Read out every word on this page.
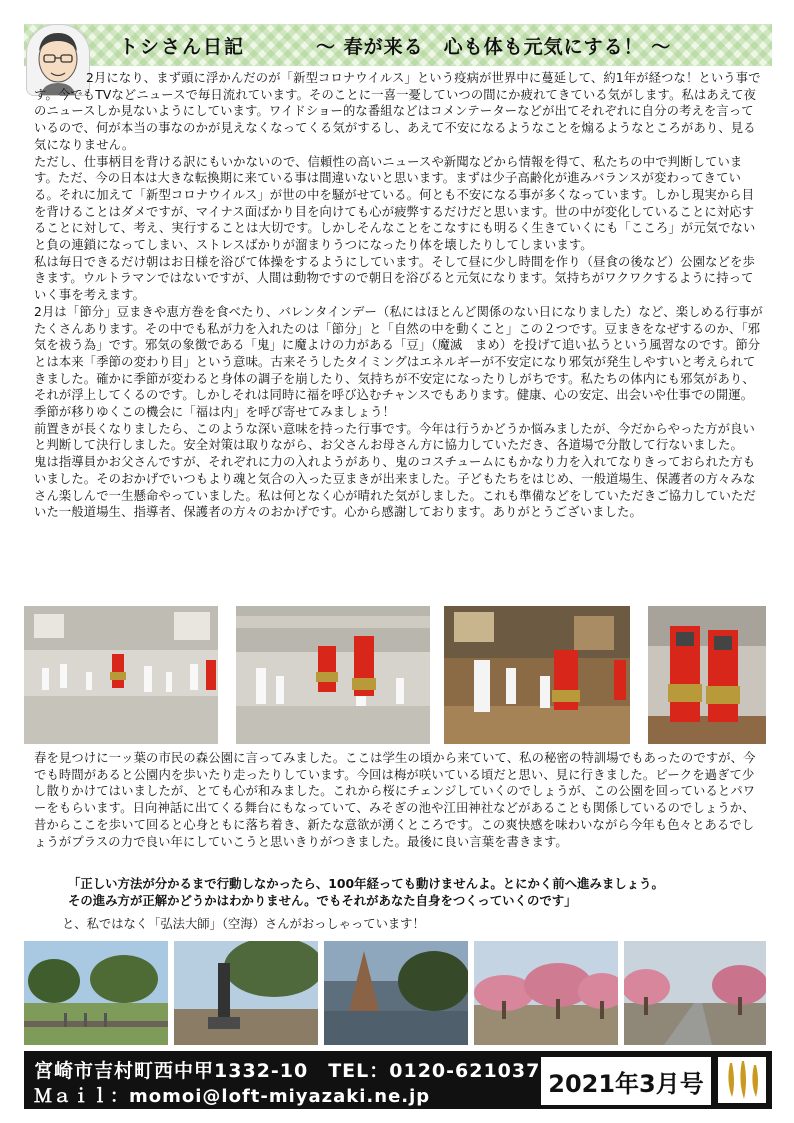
トシさん日記	～ 春が来る　心も体も元気にする！ ～

2月になり、まず頭に浮かんだのが「新型コロナウイルス」という疫病が世界中に蔓延して、約1年が経つな！という事です。今でもTVなどニュースで毎日流れています。そのことに一喜一憂していつの間にか疲れてきている気がします。私はあえて夜のニュースしか見ないようにしています。ワイドショー的な番組などはコメンテーターなどが出てそれぞれに自分の考えを言っているので、何が本当の事なのかが見えなくなってくる気がするし、あえて不安になるようなことを煽るようなところがあり、見る気になりません。

ただし、仕事柄目を背ける訳にもいかないので、信頼性の高いニュースや新聞などから情報を得て、私たちの中で判断しています。ただ、今の日本は大きな転換期に来ている事は間違いないと思います。まずは少子高齢化が進みバランスが変わってきている。それに加えて「新型コロナウイルス」が世の中を騒がせている。何とも不安になる事が多くなっています。しかし現実から目を背けることはダメですが、マイナス面ばかり目を向けても心が疲弊するだけだと思います。世の中が変化していることに対応することに対して、考え、実行することは大切です。しかしそんなことをこなすにも明るく生きていくにも「こころ」が元気でないと負の連鎖になってしまい、ストレスばかりが溜まりうつになったり体を壊したりしてしまいます。

私は毎日できるだけ朝はお日様を浴びて体操をするようにしています。そして昼に少し時間を作り（昼食の後など）公園などを歩きます。ウルトラマンではないですが、人間は動物ですので朝日を浴びると元気になります。気持ちがワクワクするように持っていく事を考えます。

2月は「節分」豆まきや恵方巻を食べたり、バレンタインデー（私にはほとんど関係のない日になりました）など、楽しめる行事がたくさんあります。その中でも私が力を入れたのは「節分」と「自然の中を動くこと」この２つです。豆まきをなぜするのか、「邪気を祓う為」です。邪気の象徴である「鬼」に魔よけの力がある「豆」（魔滅　まめ）を投げて追い払うという風習なのです。節分とは本来「季節の変わり目」という意味。古来そうしたタイミングはエネルギーが不安定になり邪気が発生しやすいと考えられてきました。確かに季節が変わると身体の調子を崩したり、気持ちが不安定になったりしがちです。私たちの体内にも邪気があり、それが浮上してくるのです。しかしそれは同時に福を呼び込むチャンスでもあります。健康、心の安定、出会いや仕事での開運。季節が移りゆくこの機会に「福は内」を呼び寄せてみましょう！

前置きが長くなりましたら、このような深い意味を持った行事です。今年は行うかどうか悩みましたが、今だからやった方が良いと判断して決行しました。安全対策は取りながら、お父さんお母さん方に協力していただき、各道場で分散して行ないました。

鬼は指導員かお父さんですが、それぞれに力の入れようがあり、鬼のコスチュームにもかなり力を入れてなりきっておられた方もいました。そのおかげでいつもより魂と気合の入った豆まきが出来ました。子どもたちをはじめ、一般道場生、保護者の方々みなさん楽しんで一生懸命やっていました。私は何となく心が晴れた気がしました。これも準備などをしていただきご協力していただいた一般道場生、指導者、保護者の方々のおかげです。心から感謝しております。ありがとうございました。

春を見つけに一ッ葉の市民の森公園に言ってみました。ここは学生の頃から来ていて、私の秘密の特訓場でもあったのですが、今でも時間があると公園内を歩いたり走ったりしています。今回は梅が咲いている頃だと思い、見に行きました。ピークを過ぎて少し散りかけてはいましたが、とても心が和みました。これから桜にチェンジしていくのでしょうが、この公園を回っているとパワーをもらいます。日向神話に出てくる舞台にもなっていて、みそぎの池や江田神社などがあることも関係しているのでしょうか、昔からここを歩いて回ると心身ともに落ち着き、新たな意欲が湧くところです。この爽快感を味わいながら今年も色々とあるでしょうがプラスの力で良い年にしていこうと思いきりがつきました。最後に良い言葉を書きます。
「正しい方法が分かるまで行動しなかったら、100年経っても動けませんよ。とにかく前へ進みましょう。
その進み方が正解かどうかはわかりません。でもそれがあなた自身をつくっていくのです」
と、私ではなく「弘法大師」（空海）さんがおっしゃっています！
宮崎市吉村町西中甲1332-10　TEL：0120-621037
Ｍａｉｌ：momoi@loft-miyazaki.ne.jp	2021年3月号
